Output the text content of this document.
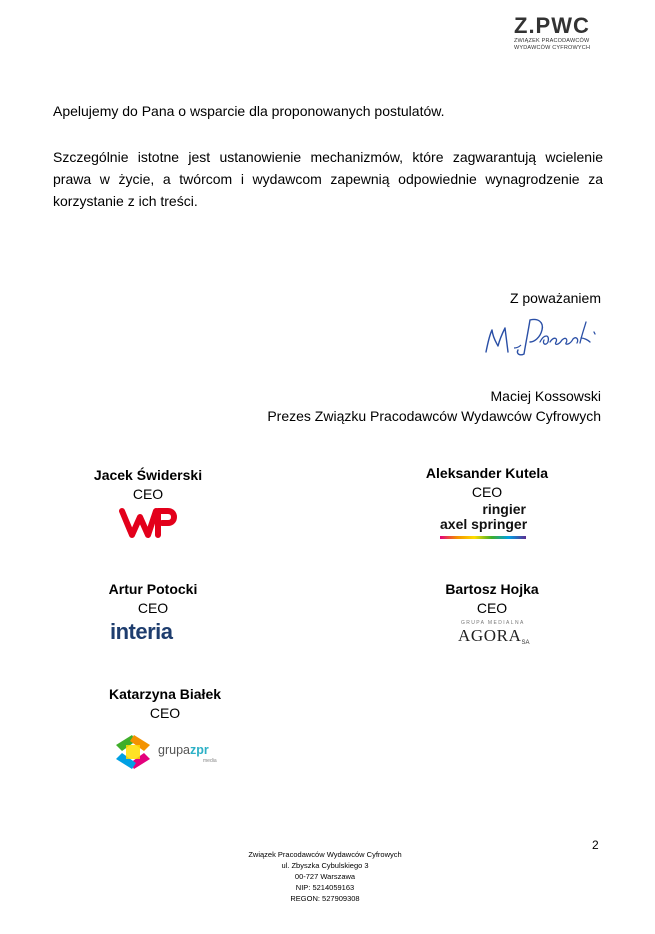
Z.PWC
ZWIĄZEK PRACODAWCÓW
WYDAWCÓW CYFROWYCH

Apelujemy do Pana o wsparcie dla proponowanych postulatów.

Szczególnie istotne jest ustanowienie mechanizmów, które zagwarantują wcielenie prawa w życie, a twórcom i wydawcom zapewnią odpowiednie wynagrodzenie za korzystanie z ich treści.

Z poważaniem
Maciej Kossowski
Prezes Związku Pracodawców Wydawców Cyfrowych
Jacek Świderski
CEO
Aleksander Kutela
CEO
ringier
axel springer
Artur Potocki
CEO
interia
Bartosz Hojka
CEO
GRUPA MEDIALNA
AGORASA
Katarzyna Białek
CEO
grupazpr
media
Związek Pracodawców Wydawców Cyfrowych
ul. Zbyszka Cybulskiego 3
00-727 Warszawa
NIP: 5214059163
REGON: 527909308
2
